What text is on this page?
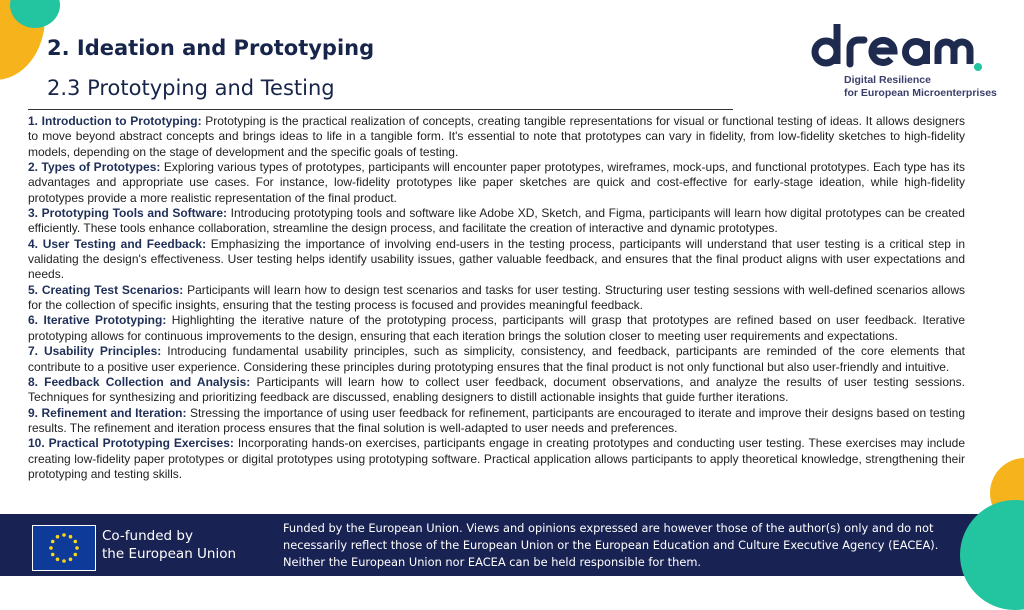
2. Ideation and Prototyping
2.3 Prototyping and Testing	Digital Resilience
for European Microenterprises

1. Introduction to Prototyping: Prototyping is the practical realization of concepts, creating tangible representations for visual or functional testing of ideas. It allows designers to move beyond abstract concepts and brings ideas to life in a tangible form. It's essential to note that prototypes can vary in fidelity, from low-fidelity sketches to high-fidelity models, depending on the stage of development and the specific goals of testing.

2. Types of Prototypes: Exploring various types of prototypes, participants will encounter paper prototypes, wireframes, mock-ups, and functional prototypes. Each type has its advantages and appropriate use cases. For instance, low-fidelity prototypes like paper sketches are quick and cost-effective for early-stage ideation, while high-fidelity prototypes provide a more realistic representation of the final product.

3. Prototyping Tools and Software: Introducing prototyping tools and software like Adobe XD, Sketch, and Figma, participants will learn how digital prototypes can be created efficiently. These tools enhance collaboration, streamline the design process, and facilitate the creation of interactive and dynamic prototypes.

4. User Testing and Feedback: Emphasizing the importance of involving end-users in the testing process, participants will understand that user testing is a critical step in validating the design's effectiveness. User testing helps identify usability issues, gather valuable feedback, and ensures that the final product aligns with user expectations and needs.

5. Creating Test Scenarios: Participants will learn how to design test scenarios and tasks for user testing. Structuring user testing sessions with well-defined scenarios allows for the collection of specific insights, ensuring that the testing process is focused and provides meaningful feedback.

6. Iterative Prototyping: Highlighting the iterative nature of the prototyping process, participants will grasp that prototypes are refined based on user feedback. Iterative prototyping allows for continuous improvements to the design, ensuring that each iteration brings the solution closer to meeting user requirements and expectations.

7. Usability Principles: Introducing fundamental usability principles, such as simplicity, consistency, and feedback, participants are reminded of the core elements that contribute to a positive user experience. Considering these principles during prototyping ensures that the final product is not only functional but also user-friendly and intuitive.

8. Feedback Collection and Analysis: Participants will learn how to collect user feedback, document observations, and analyze the results of user testing sessions. Techniques for synthesizing and prioritizing feedback are discussed, enabling designers to distill actionable insights that guide further iterations.

9. Refinement and Iteration: Stressing the importance of using user feedback for refinement, participants are encouraged to iterate and improve their designs based on testing results. The refinement and iteration process ensures that the final solution is well-adapted to user needs and preferences.

10. Practical Prototyping Exercises: Incorporating hands-on exercises, participants engage in creating prototypes and conducting user testing. These exercises may include creating low-fidelity paper prototypes or digital prototypes using prototyping software. Practical application allows participants to apply theoretical knowledge, strengthening their prototyping and testing skills.

Co-funded by
the European Union
Funded by the European Union. Views and opinions expressed are however those of the author(s) only and do not necessarily reflect those of the European Union or the European Education and Culture Executive Agency (EACEA). Neither the European Union nor EACEA can be held responsible for them.
